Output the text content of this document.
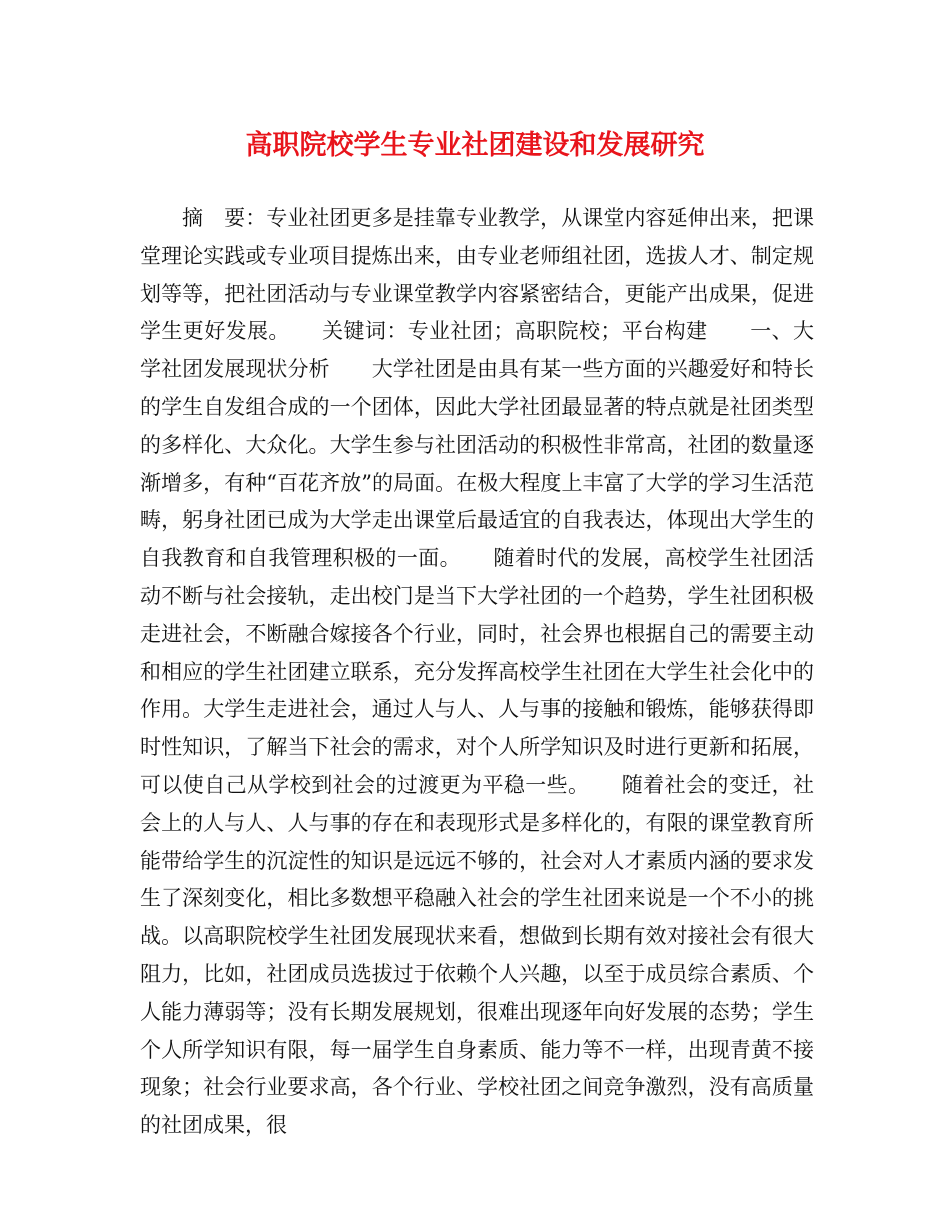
高职院校学生专业社团建设和发展研究

摘　要：专业社团更多是挂靠专业教学，从课堂内容延伸出来，把课堂理论实践或专业项目提炼出来，由专业老师组社团，选拔人才、制定规划等等，把社团活动与专业课堂教学内容紧密结合，更能产出成果，促进学生更好发展。　　关键词：专业社团；高职院校；平台构建　　一、大学社团发展现状分析　　大学社团是由具有某一些方面的兴趣爱好和特长的学生自发组合成的一个团体，因此大学社团最显著的特点就是社团类型的多样化、大众化。大学生参与社团活动的积极性非常高，社团的数量逐渐增多，有种“百花齐放”的局面。在极大程度上丰富了大学的学习生活范畴，躬身社团已成为大学走出课堂后最适宜的自我表达，体现出大学生的自我教育和自我管理积极的一面。　　随着时代的发展，高校学生社团活动不断与社会接轨，走出校门是当下大学社团的一个趋势，学生社团积极走进社会，不断融合嫁接各个行业，同时，社会界也根据自己的需要主动和相应的学生社团建立联系，充分发挥高校学生社团在大学生社会化中的作用。大学生走进社会，通过人与人、人与事的接触和锻炼，能够获得即时性知识，了解当下社会的需求，对个人所学知识及时进行更新和拓展，可以使自己从学校到社会的过渡更为平稳一些。　　随着社会的变迁，社会上的人与人、人与事的存在和表现形式是多样化的，有限的课堂教育所能带给学生的沉淀性的知识是远远不够的，社会对人才素质内涵的要求发生了深刻变化，相比多数想平稳融入社会的学生社团来说是一个不小的挑战。以高职院校学生社团发展现状来看，想做到长期有效对接社会有很大阻力，比如，社团成员选拔过于依赖个人兴趣，以至于成员综合素质、个人能力薄弱等；没有长期发展规划，很难出现逐年向好发展的态势；学生个人所学知识有限，每一届学生自身素质、能力等不一样，出现青黄不接现象；社会行业要求高，各个行业、学校社团之间竞争激烈，没有高质量的社团成果，很
